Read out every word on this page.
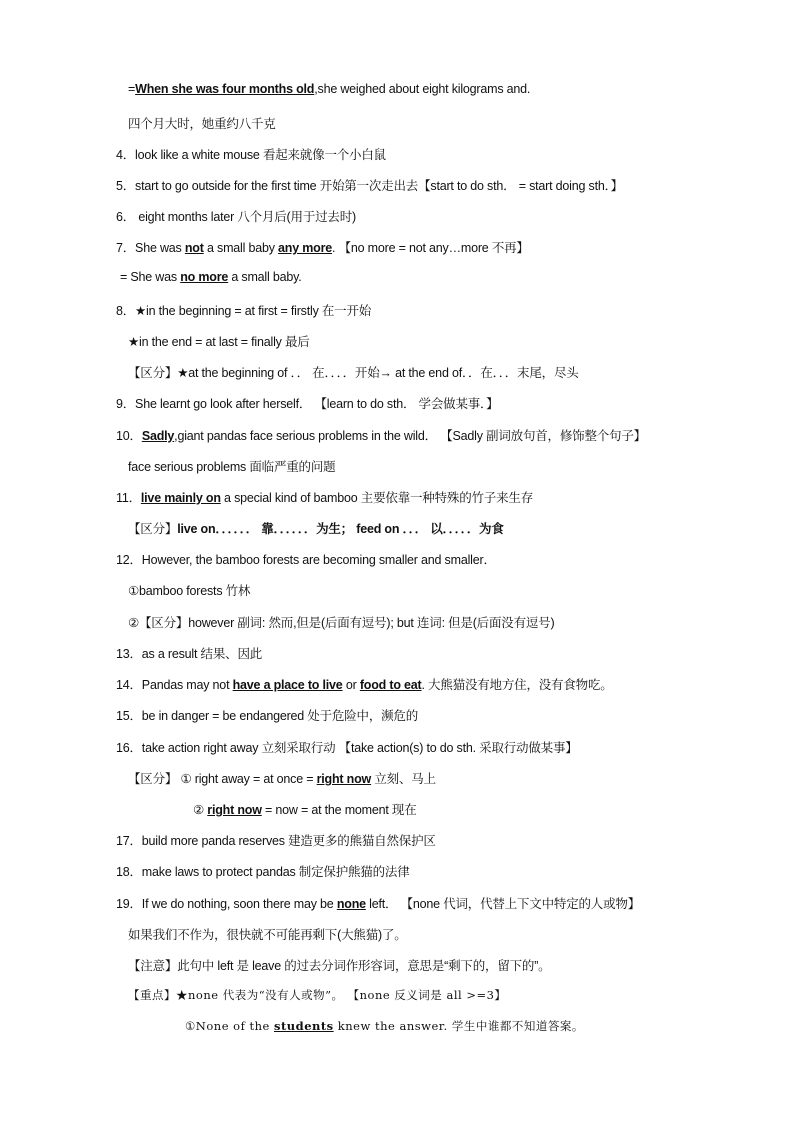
=When she was four months old,she weighed about eight kilograms and.
四个月大时，她重约八千克
4．look like a white mouse 看起来就像一个小白鼠
5．start to go outside for the first time 开始第一次走出去【start to do sth． = start doing sth．】
6． eight months later 八个月后(用于过去时)
7．She was not a small baby any more. 【no more = not any…more 不再】
= She was no more a small baby.
8．★in the beginning = at first = firstly 在一开始
★in the end = at last = finally 最后
【区分】★at the beginning of ．． 在．．．．开始→ at the end of．．在．．．末尾，尽头
9．She learnt go look after herself． 【learn to do sth． 学会做某事．】
10．Sadly,giant pandas face serious problems in the wild． 【Sadly 副词放句首，修饰整个句子】
face serious problems 面临严重的问题
11．live mainly on a special kind of bamboo 主要依靠一种特殊的竹子来生存
【区分】live on．．．．．． 靠．．．．．．为生； feed on ．．． 以．．．．．为食
12．However, the bamboo forests are becoming smaller and smaller．
①bamboo forests 竹林
②【区分】however 副词: 然而,但是(后面有逗号); but 连词: 但是(后面没有逗号)
13．as a result 结果、因此
14．Pandas may not have a place to live or food to eat. 大熊猫没有地方住，没有食物吃。
15．be in danger = be endangered 处于危险中，濒危的
16．take action right away 立刻采取行动 【take action(s) to do sth. 采取行动做某事】
【区分】 ① right away = at once = right now 立刻、马上
② right now = now = at the moment 现在
17．build more panda reserves 建造更多的熊猫自然保护区
18．make laws to protect pandas 制定保护熊猫的法律
19．If we do nothing, soon there may be none left． 【none 代词，代替上下文中特定的人或物】
如果我们不作为，很快就不可能再剩下(大熊猫)了。
【注意】此句中 left 是 leave 的过去分词作形容词，意思是“剩下的，留下的”。
【重点】★none 代表为“没有人或物”。 【none 反义词是 all >=3】
①None of the students knew the answer. 学生中谁都不知道答案。
